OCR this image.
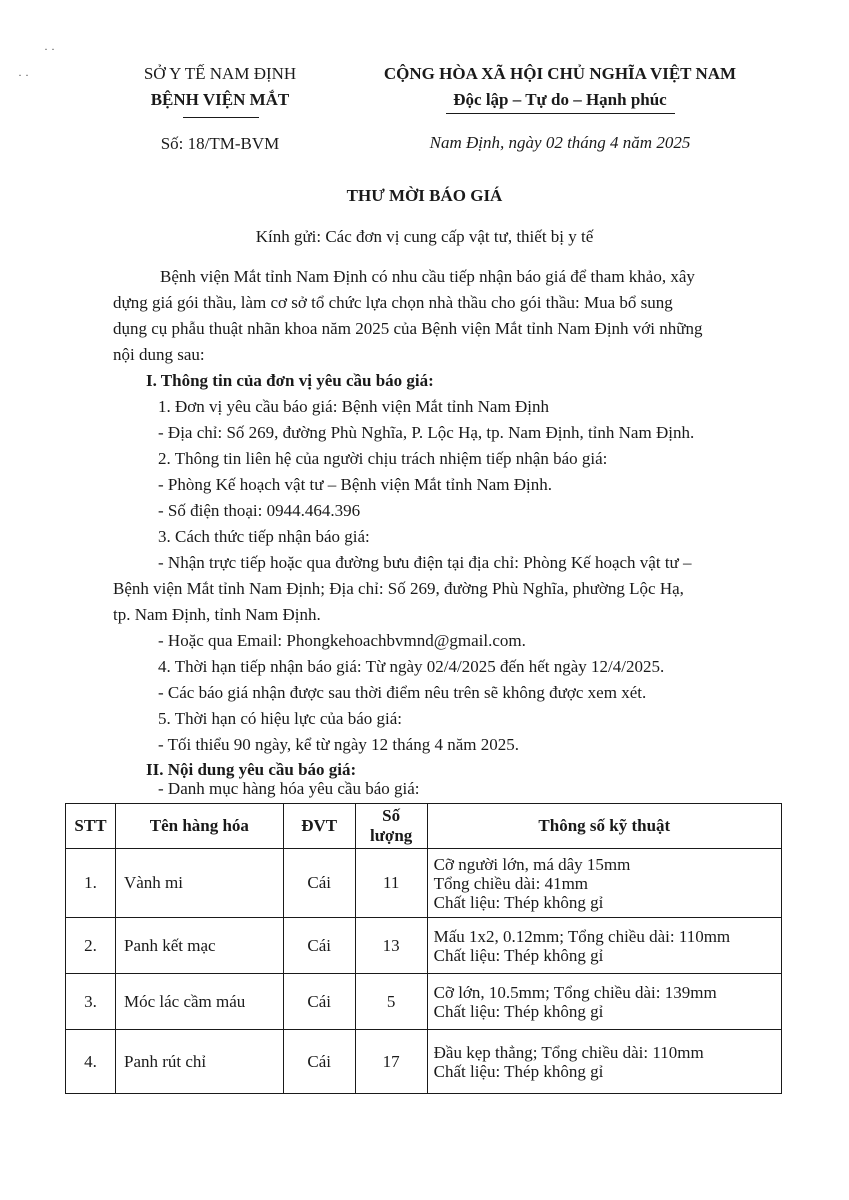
SỞ Y TẾ NAM ĐỊNH
BỆNH VIỆN MẮT
Số: 18/TM-BVM
CỘNG HÒA XÃ HỘI CHỦ NGHĨA VIỆT NAM
Độc lập – Tự do – Hạnh phúc
Nam Định, ngày 02 tháng 4 năm 2025
THƯ MỜI BÁO GIÁ
Kính gửi: Các đơn vị cung cấp vật tư, thiết bị y tế
Bệnh viện Mắt tỉnh Nam Định có nhu cầu tiếp nhận báo giá để tham khảo, xây
dựng giá gói thầu, làm cơ sở tổ chức lựa chọn nhà thầu cho gói thầu: Mua bổ sung
dụng cụ phẫu thuật nhãn khoa năm 2025 của Bệnh viện Mắt tỉnh Nam Định với những
nội dung sau:
I. Thông tin của đơn vị yêu cầu báo giá:
1. Đơn vị yêu cầu báo giá: Bệnh viện Mắt tỉnh Nam Định
- Địa chỉ: Số 269, đường Phù Nghĩa, P. Lộc Hạ, tp. Nam Định, tỉnh Nam Định.
2. Thông tin liên hệ của người chịu trách nhiệm tiếp nhận báo giá:
- Phòng Kế hoạch vật tư – Bệnh viện Mắt tỉnh Nam Định.
- Số điện thoại: 0944.464.396
3. Cách thức tiếp nhận báo giá:
- Nhận trực tiếp hoặc qua đường bưu điện tại địa chỉ: Phòng Kế hoạch vật tư –
Bệnh viện Mắt tỉnh Nam Định; Địa chỉ: Số 269, đường Phù Nghĩa, phường Lộc Hạ,
tp. Nam Định, tỉnh Nam Định.
- Hoặc qua Email: Phongkehoachbvmnd@gmail.com.
4. Thời hạn tiếp nhận báo giá: Từ ngày 02/4/2025 đến hết ngày 12/4/2025.
- Các báo giá nhận được sau thời điểm nêu trên sẽ không được xem xét.
5. Thời hạn có hiệu lực của báo giá:
- Tối thiểu 90 ngày, kể từ ngày 12 tháng 4 năm 2025.
II. Nội dung yêu cầu báo giá:
- Danh mục hàng hóa yêu cầu báo giá:
STT	Tên hàng hóa	ĐVT	Số
lượng	Thông số kỹ thuật
1.	Vành mi	Cái	11	Cỡ người lớn, má dây 15mm
Tổng chiều dài: 41mm
Chất liệu: Thép không gỉ

2.	Panh kết mạc	Cái	13	Mấu 1x2, 0.12mm; Tổng chiều dài: 110mm
Chất liệu: Thép không gỉ

3.	Móc lác cầm máu	Cái	5	Cỡ lớn, 10.5mm; Tổng chiều dài: 139mm
Chất liệu: Thép không gỉ

4.	Panh rút chỉ	Cái	17	Đầu kẹp thẳng; Tổng chiều dài: 110mm
Chất liệu: Thép không gỉ
· ·
· ·
